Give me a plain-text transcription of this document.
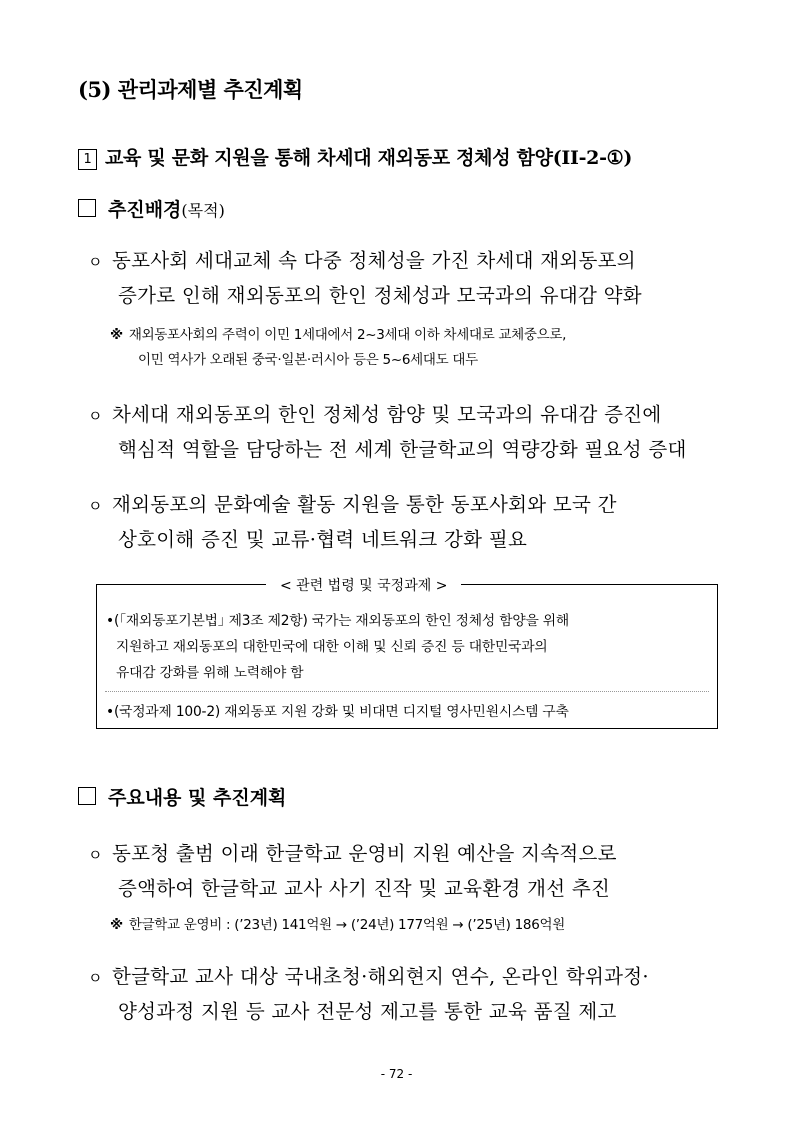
(5) 관리과제별 추진계획
1 교육 및 문화 지원을 통해 차세대 재외동포 정체성 함양(II-2-①)
추진배경(목적)
ㅇ 동포사회 세대교체 속 다중 정체성을 가진 차세대 재외동포의
증가로 인해 재외동포의 한인 정체성과 모국과의 유대감 약화
※ 재외동포사회의 주력이 이민 1세대에서 2~3세대 이하 차세대로 교체중으로,
이민 역사가 오래된 중국·일본·러시아 등은 5~6세대도 대두
ㅇ 차세대 재외동포의 한인 정체성 함양 및 모국과의 유대감 증진에
핵심적 역할을 담당하는 전 세계 한글학교의 역량강화 필요성 증대
ㅇ 재외동포의 문화예술 활동 지원을 통한 동포사회와 모국 간
상호이해 증진 및 교류·협력 네트워크 강화 필요
< 관련 법령 및 국정과제 >
•(｢재외동포기본법｣ 제3조 제2항) 국가는 재외동포의 한인 정체성 함양을 위해
지원하고 재외동포의 대한민국에 대한 이해 및 신뢰 증진 등 대한민국과의
유대감 강화를 위해 노력해야 함
•(국정과제 100-2) 재외동포 지원 강화 및 비대면 디지털 영사민원시스템 구축
주요내용 및 추진계획
ㅇ 동포청 출범 이래 한글학교 운영비 지원 예산을 지속적으로
증액하여 한글학교 교사 사기 진작 및 교육환경 개선 추진
※ 한글학교 운영비 : (’23년) 141억원 → (’24년) 177억원 → (’25년) 186억원
ㅇ 한글학교 교사 대상 국내초청·해외현지 연수, 온라인 학위과정·
양성과정 지원 등 교사 전문성 제고를 통한 교육 품질 제고
- 72 -
